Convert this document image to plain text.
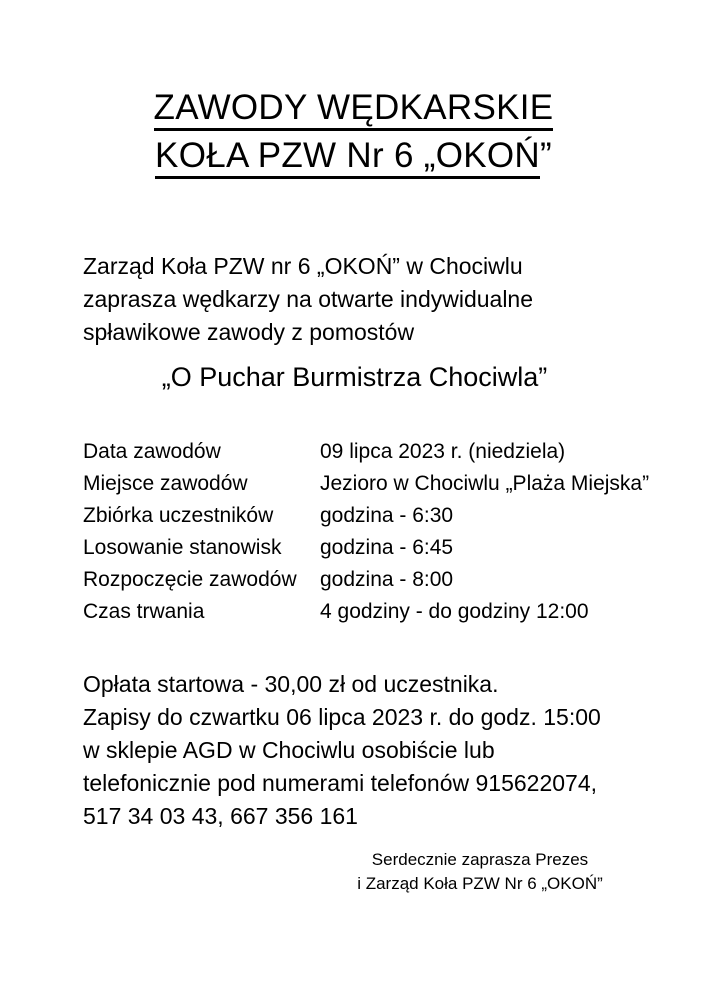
ZAWODY WĘDKARSKIE
KOŁA PZW Nr 6 „OKOŃ”
Zarząd Koła PZW nr 6 „OKOŃ” w Chociwlu
zaprasza wędkarzy na otwarte indywidualne
spławikowe zawody z pomostów
„O Puchar Burmistrza Chociwla”
Data zawodów	09 lipca 2023 r. (niedziela)
Miejsce zawodów	Jezioro w Chociwlu „Plaża Miejska”
Zbiórka uczestników	godzina - 6:30
Losowanie stanowisk	godzina - 6:45
Rozpoczęcie zawodów	godzina - 8:00
Czas trwania	4 godziny - do godziny 12:00
Opłata startowa - 30,00 zł od uczestnika.
Zapisy do czwartku 06 lipca 2023 r. do godz. 15:00
w sklepie AGD w Chociwlu osobiście lub
telefonicznie pod numerami telefonów 915622074,
517 34 03 43, 667 356 161
Serdecznie zaprasza Prezes
i Zarząd Koła PZW Nr 6 „OKOŃ”
